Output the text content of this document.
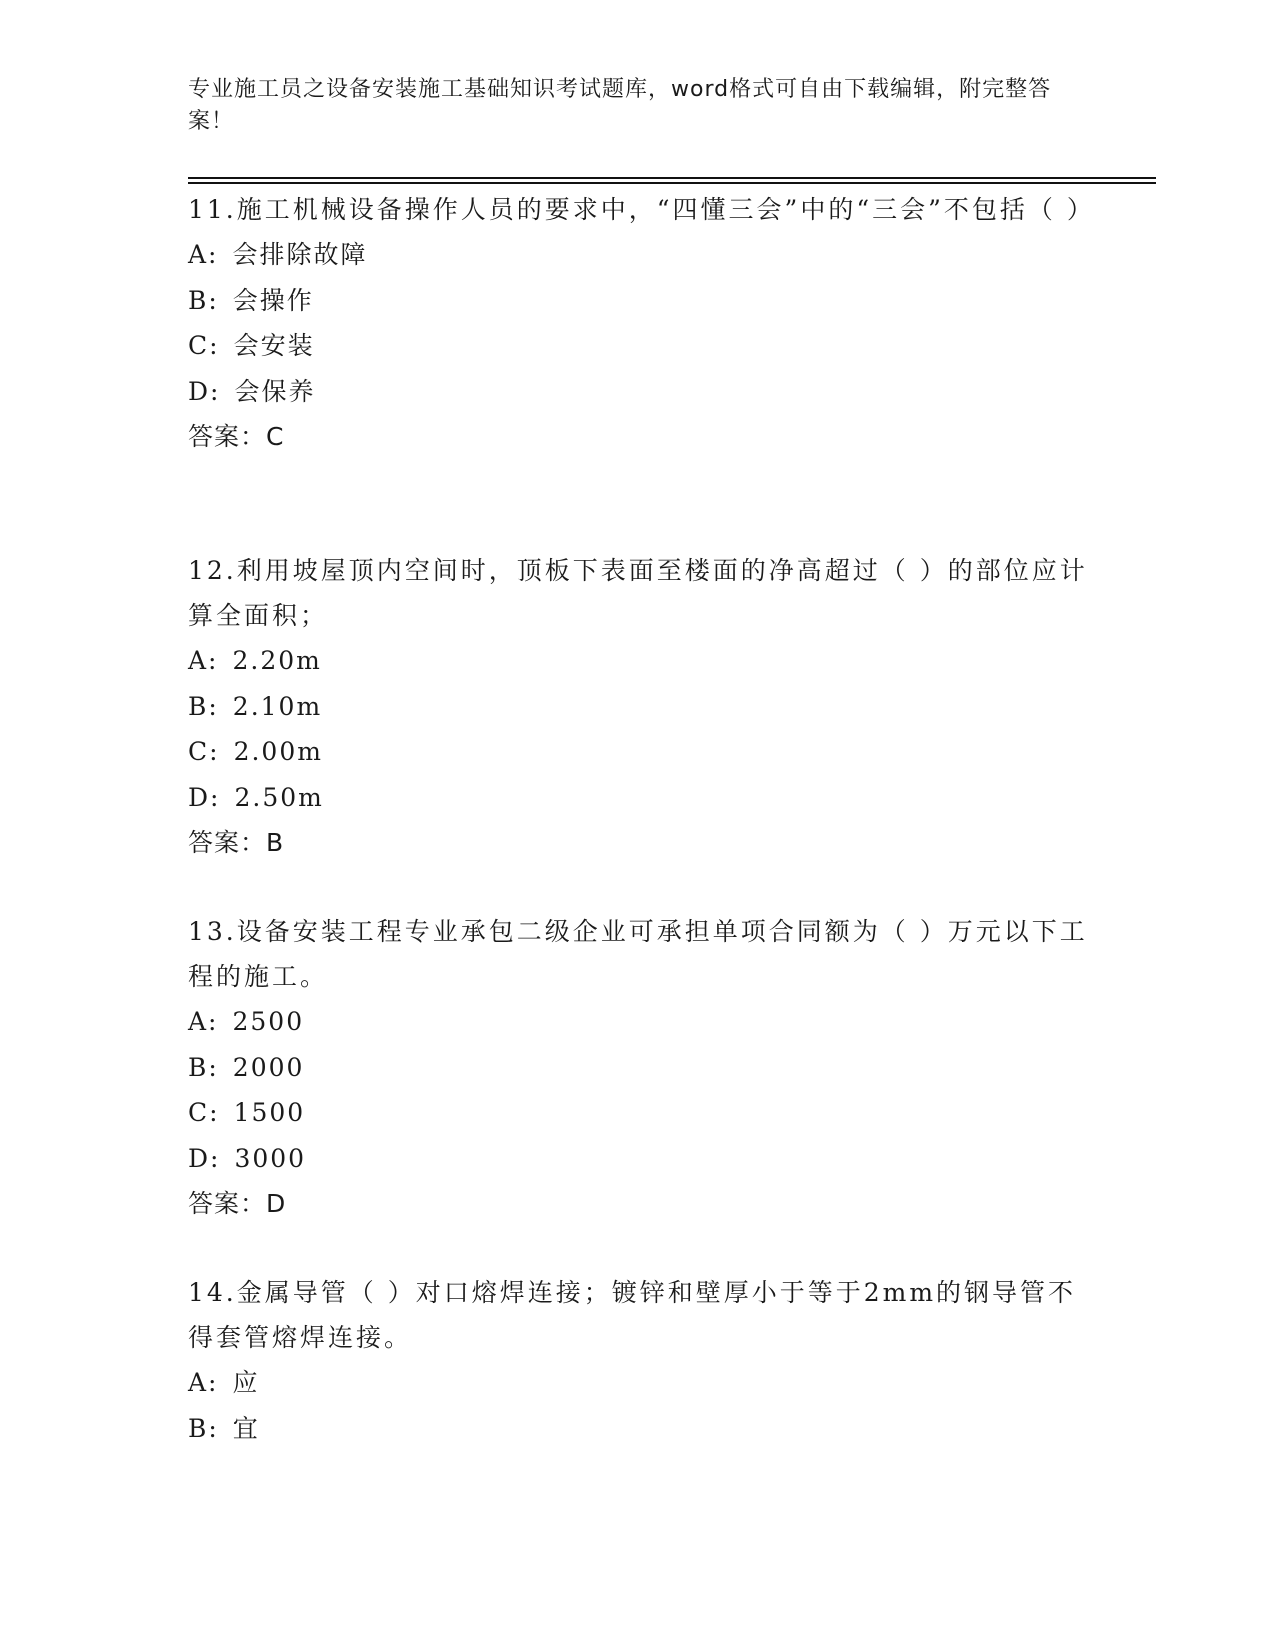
专业施工员之设备安装施工基础知识考试题库，word格式可自由下载编辑，附完整答案！
11.施工机械设备操作人员的要求中，“四懂三会”中的“三会”不包括（ ）
A: 会排除故障
B: 会操作
C: 会安装
D: 会保养
答案：C
12.利用坡屋顶内空间时，顶板下表面至楼面的净高超过（ ）的部位应计算全面积；
A: 2.20m
B: 2.10m
C: 2.00m
D: 2.50m
答案：B
13.设备安装工程专业承包二级企业可承担单项合同额为（ ）万元以下工程的施工。
A: 2500
B: 2000
C: 1500
D: 3000
答案：D
14.金属导管（ ）对口熔焊连接；镀锌和壁厚小于等于2mm的钢导管不得套管熔焊连接。
A: 应
B: 宜
